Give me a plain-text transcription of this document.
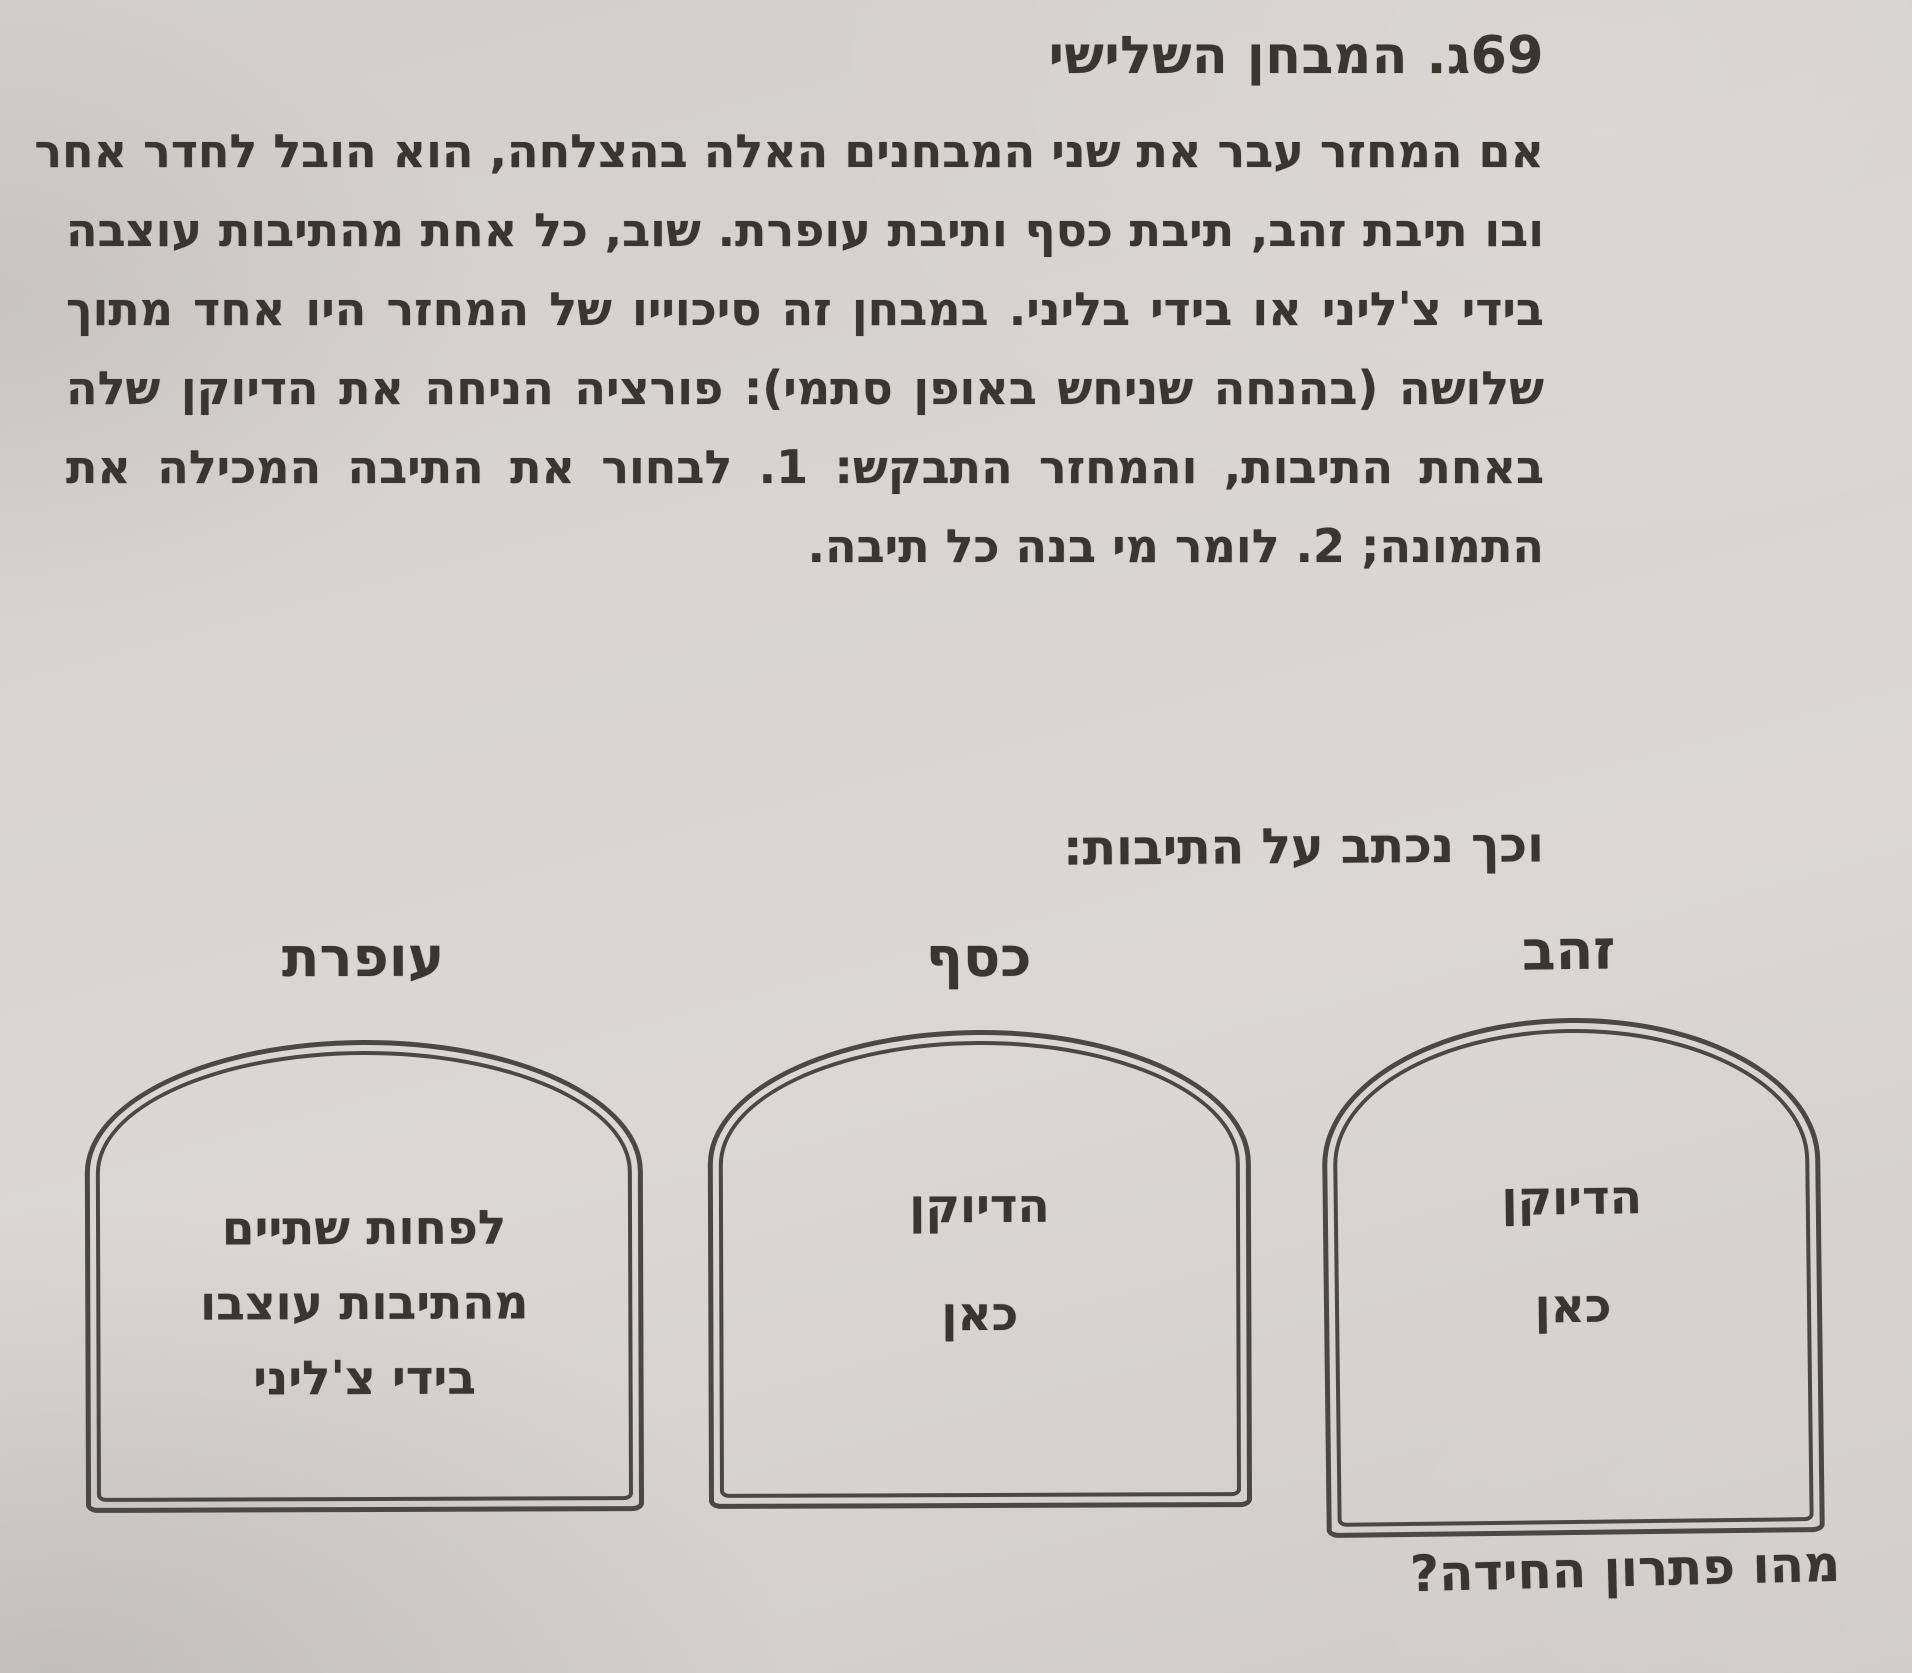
69ג. המבחן השלישי
אם המחזר עבר את שני המבחנים האלה בהצלחה, הוא הובל לחדר אחר
ובו תיבת זהב, תיבת כסף ותיבת עופרת. שוב, כל אחת מהתיבות עוצבה
בידי צ'ליני או בידי בליני. במבחן זה סיכוייו של המחזר היו אחד מתוך
שלושה (בהנחה שניחש באופן סתמי): פורציה הניחה את הדיוקן שלה
באחת התיבות, והמחזר התבקש: 1. לבחור את התיבה המכילה את
התמונה; 2. לומר מי בנה כל תיבה.
וכך נכתב על התיבות:
זהב
הדיוקן
כאן
כסף
הדיוקן
כאן
עופרת
לפחות שתיים
מהתיבות עוצבו
בידי צ'ליני
מהו פתרון החידה?
